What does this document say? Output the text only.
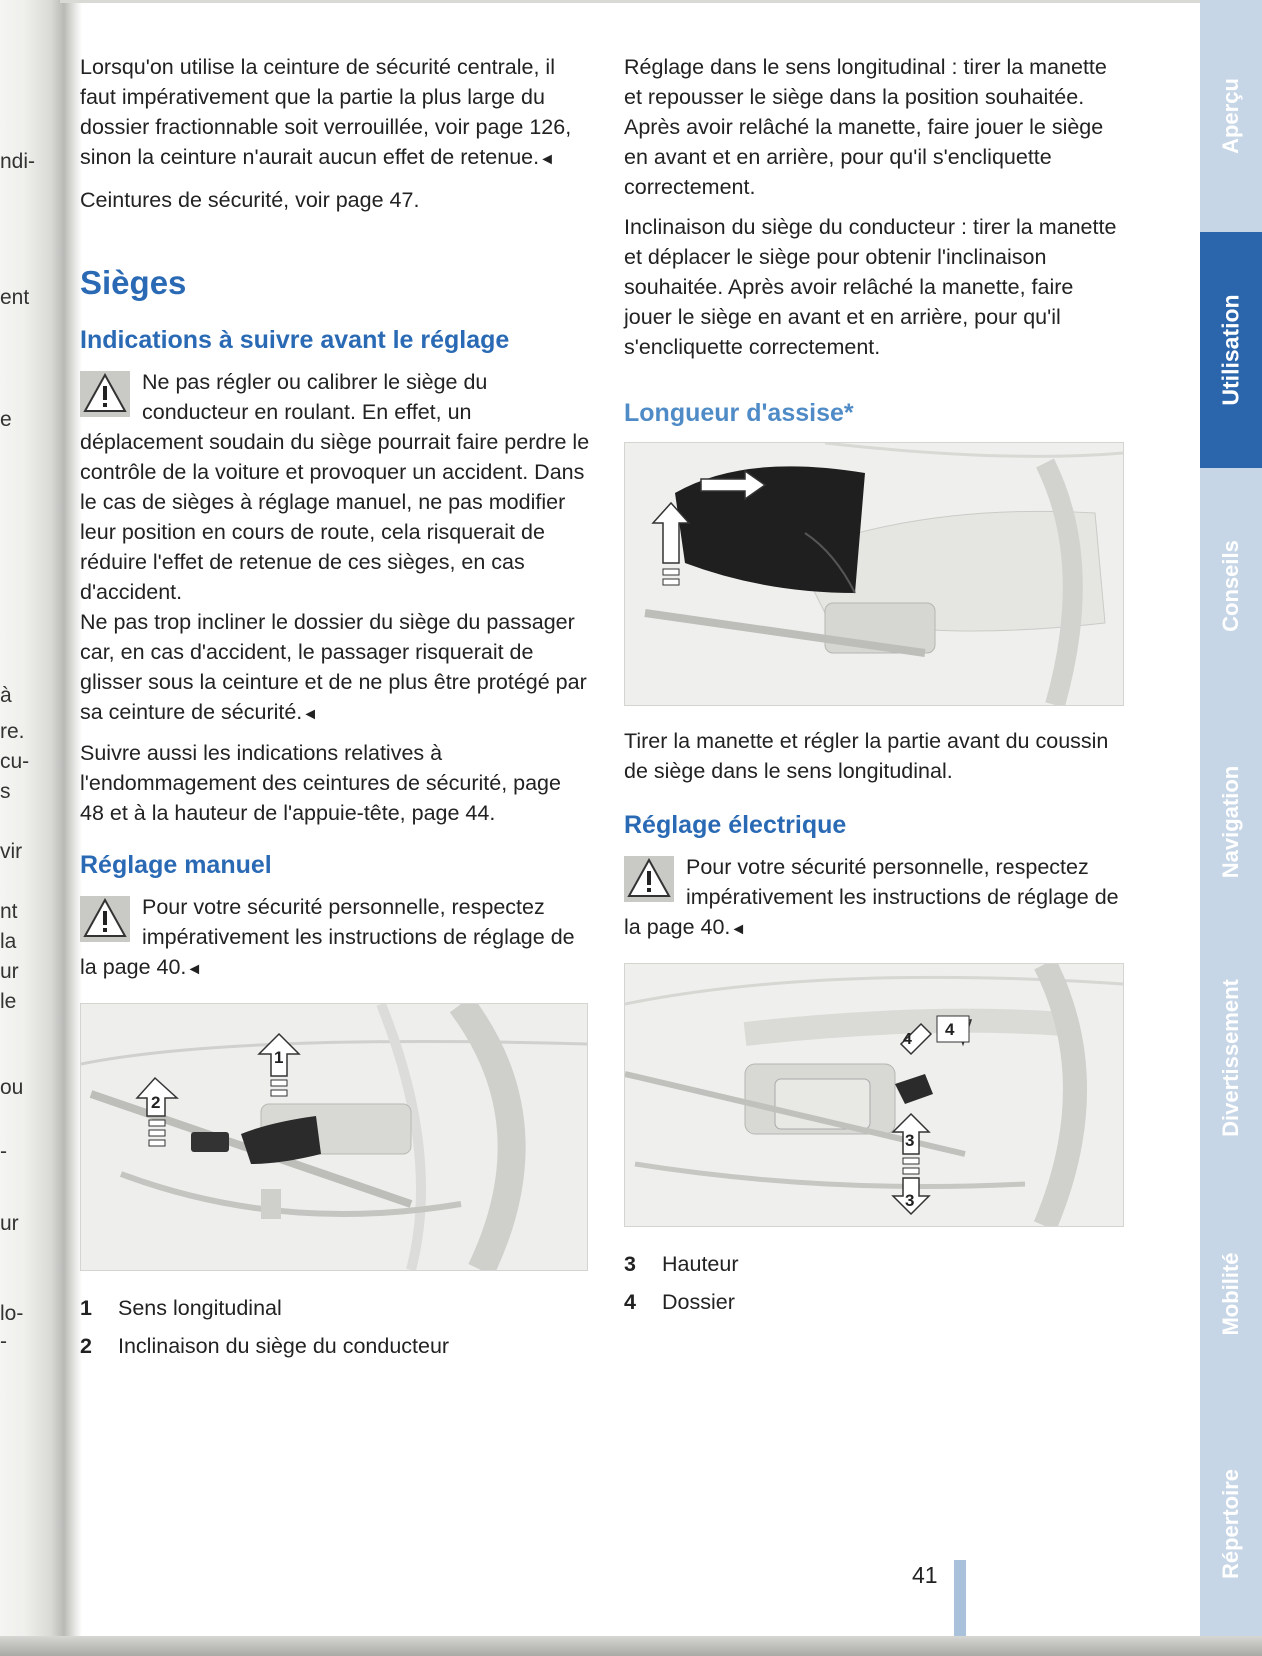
ndi-
ent
e
à
re.
cu-
s
vir
nt
la
ur
le
ou
-
ur
lo-
-

Lorsqu'on utilise la ceinture de sécurité centrale, il faut impérativement que la partie la plus large du dossier fractionnable soit verrouillée, voir page 126, sinon la ceinture n'aurait aucun effet de retenue.◄

Ceintures de sécurité, voir page 47.

Sièges
Indications à suivre avant le réglage

Ne pas régler ou calibrer le siège du conducteur en roulant. En effet, un déplacement soudain du siège pourrait faire perdre le contrôle de la voiture et provoquer un accident. Dans le cas de sièges à réglage manuel, ne pas modifier leur position en cours de route, cela risquerait de réduire l'effet de retenue de ces sièges, en cas d'accident.
Ne pas trop incliner le dossier du siège du passager car, en cas d'accident, le passager risquerait de glisser sous la ceinture et de ne plus être protégé par sa ceinture de sécurité.◄

Suivre aussi les indications relatives à l'endommagement des ceintures de sécurité, page 48 et à la hauteur de l'appuie-tête, page 44.

Réglage manuel

Pour votre sécurité personnelle, respectez impérativement les instructions de réglage de la page 40.◄

1
2
1 Sens longitudinal
2 Inclinaison du siège du conducteur

Réglage dans le sens longitudinal : tirer la manette et repousser le siège dans la position souhaitée. Après avoir relâché la manette, faire jouer le siège en avant et en arrière, pour qu'il s'encliquette correctement.

Inclinaison du siège du conducteur : tirer la manette et déplacer le siège pour obtenir l'inclinaison souhaitée. Après avoir relâché la manette, faire jouer le siège en avant et en arrière, pour qu'il s'encliquette correctement.

Longueur d'assise*

Tirer la manette et régler la partie avant du coussin de siège dans le sens longitudinal.

Réglage électrique

Pour votre sécurité personnelle, respectez impérativement les instructions de réglage de la page 40.◄

4
4
3
3
3 Hauteur
4 Dossier
Aperçu
Utilisation
Conseils
Navigation
Divertissement
Mobilité
Répertoire
41
